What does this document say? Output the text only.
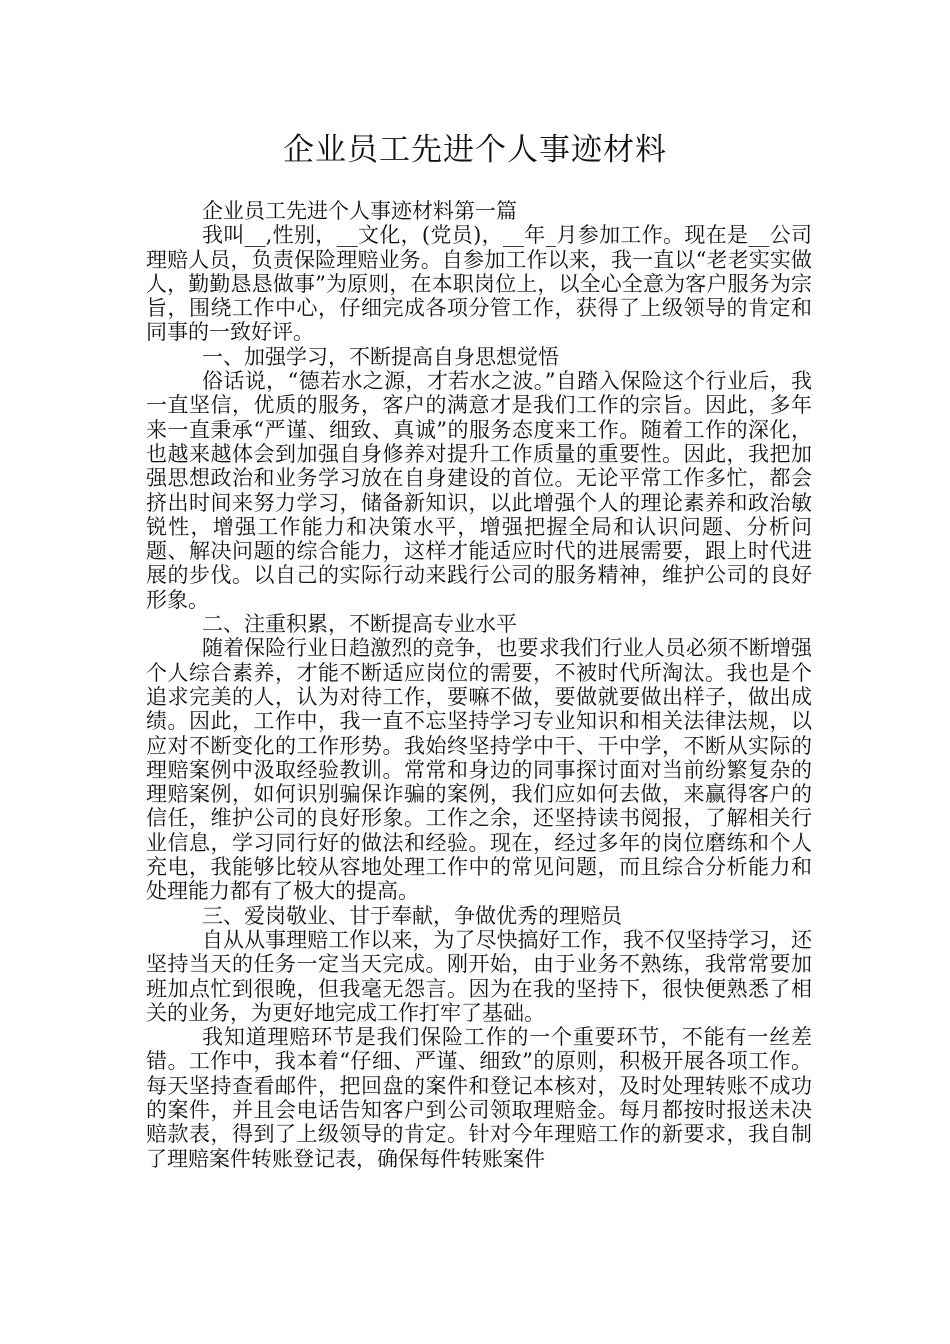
企业员工先进个人事迹材料

企业员工先进个人事迹材料第一篇

我叫__,性别，__文化，(党员)，__年_月参加工作。现在是__公司理赔人员，负责保险理赔业务。自参加工作以来，我一直以“老老实实做人，勤勤恳恳做事”为原则，在本职岗位上，以全心全意为客户服务为宗旨，围绕工作中心，仔细完成各项分管工作，获得了上级领导的肯定和同事的一致好评。

一、加强学习，不断提高自身思想觉悟

俗话说，“德若水之源，才若水之波。”自踏入保险这个行业后，我一直坚信，优质的服务，客户的满意才是我们工作的宗旨。因此，多年来一直秉承“严谨、细致、真诚”的服务态度来工作。随着工作的深化，也越来越体会到加强自身修养对提升工作质量的重要性。因此，我把加强思想政治和业务学习放在自身建设的首位。无论平常工作多忙，都会挤出时间来努力学习，储备新知识，以此增强个人的理论素养和政治敏锐性，增强工作能力和决策水平，增强把握全局和认识问题、分析问题、解决问题的综合能力，这样才能适应时代的进展需要，跟上时代进展的步伐。以自己的实际行动来践行公司的服务精神，维护公司的良好形象。

二、注重积累，不断提高专业水平

随着保险行业日趋激烈的竞争，也要求我们行业人员必须不断增强个人综合素养，才能不断适应岗位的需要，不被时代所淘汰。我也是个追求完美的人，认为对待工作，要嘛不做，要做就要做出样子，做出成绩。因此，工作中，我一直不忘坚持学习专业知识和相关法律法规，以应对不断变化的工作形势。我始终坚持学中干、干中学，不断从实际的理赔案例中汲取经验教训。常常和身边的同事探讨面对当前纷繁复杂的理赔案例，如何识别骗保诈骗的案例，我们应如何去做，来赢得客户的信任，维护公司的良好形象。工作之余，还坚持读书阅报，了解相关行业信息，学习同行好的做法和经验。现在，经过多年的岗位磨练和个人充电，我能够比较从容地处理工作中的常见问题，而且综合分析能力和处理能力都有了极大的提高。

三、爱岗敬业、甘于奉献，争做优秀的理赔员

自从从事理赔工作以来，为了尽快搞好工作，我不仅坚持学习，还坚持当天的任务一定当天完成。刚开始，由于业务不熟练，我常常要加班加点忙到很晚，但我毫无怨言。因为在我的坚持下，很快便熟悉了相关的业务，为更好地完成工作打牢了基础。

我知道理赔环节是我们保险工作的一个重要环节，不能有一丝差错。工作中，我本着“仔细、严谨、细致”的原则，积极开展各项工作。每天坚持查看邮件，把回盘的案件和登记本核对，及时处理转账不成功的案件，并且会电话告知客户到公司领取理赔金。每月都按时报送未决赔款表，得到了上级领导的肯定。针对今年理赔工作的新要求，我自制了理赔案件转账登记表，确保每件转账案件
